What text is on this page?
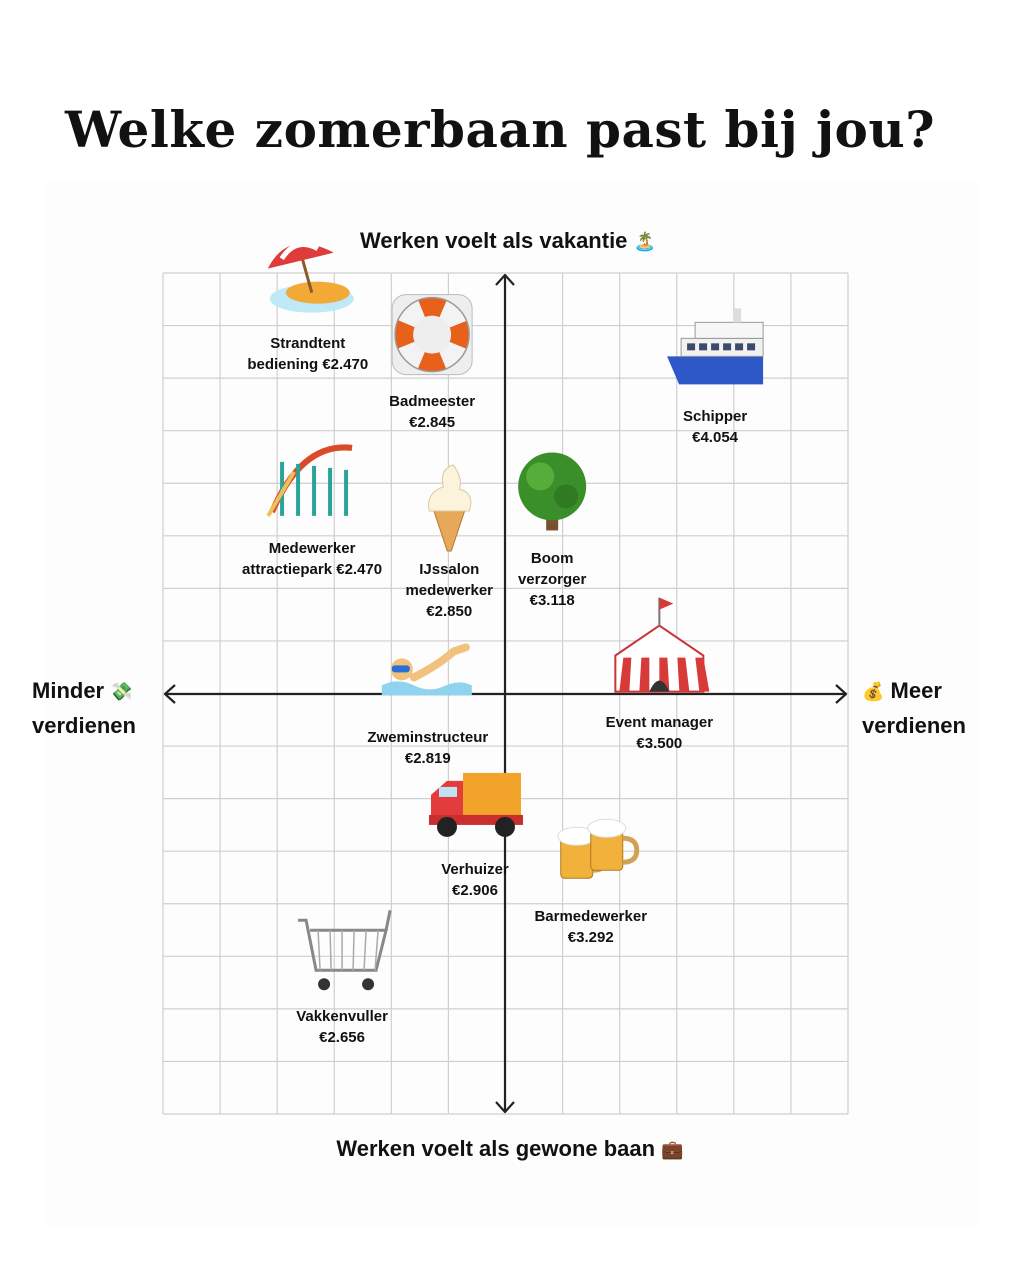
Welke zomerbaan past bij jou?
Werken voelt als vakantie 🏝️
Werken voelt als gewone baan 💼
Minder 💸
verdienen
💰 Meer
verdienen
Strandtent
bediening €2.470
Badmeester
€2.845	Schipper
€4.054
Medewerker
attractiepark €2.470	IJssalon
medewerker
€2.850
Boom
verzorger
€3.118
Event manager
€3.500
Zweminstructeur
€2.819
Verhuizer
€2.906
Barmedewerker
€3.292
Vakkenvuller
€2.656
